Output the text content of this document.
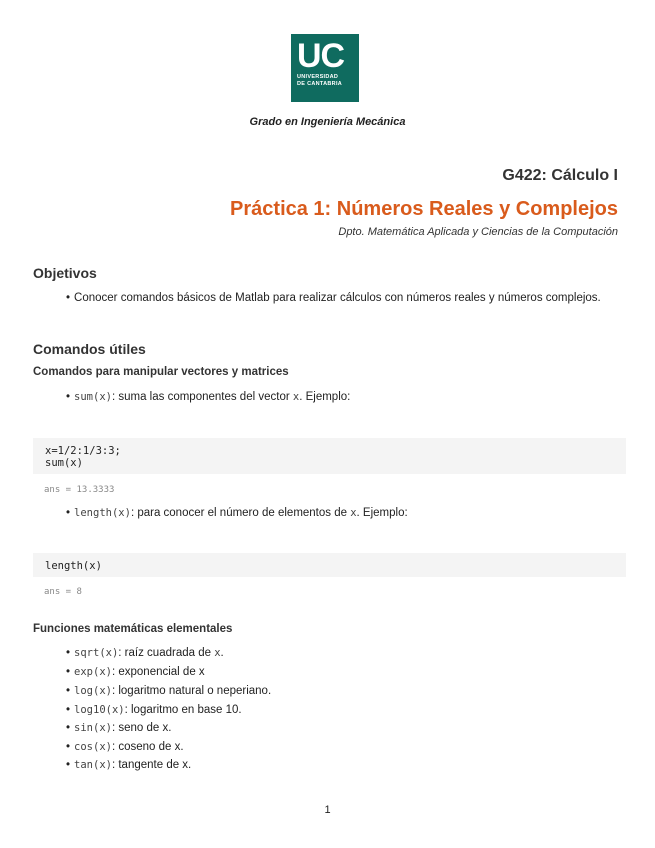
UC
UNIVERSIDAD
DE CANTABRIA
Grado en Ingeniería Mecánica
G422: Cálculo I
Práctica 1: Números Reales y Complejos
Dpto. Matemática Aplicada y Ciencias de la Computación
Objetivos
• Conocer comandos básicos de Matlab para realizar cálculos con números reales y números complejos.
Comandos útiles
Comandos para manipular vectores y matrices
• sum(x): suma las componentes del vector x. Ejemplo:
x=1/2:1/3:3;
sum(x)
ans = 13.3333
• length(x): para conocer el número de elementos de x. Ejemplo:
length(x)
ans = 8
Funciones matemáticas elementales
• sqrt(x): raíz cuadrada de x.
• exp(x): exponencial de x
• log(x): logaritmo natural o neperiano.
• log10(x): logaritmo en base 10.
• sin(x): seno de x.
• cos(x): coseno de x.
• tan(x): tangente de x.
1
